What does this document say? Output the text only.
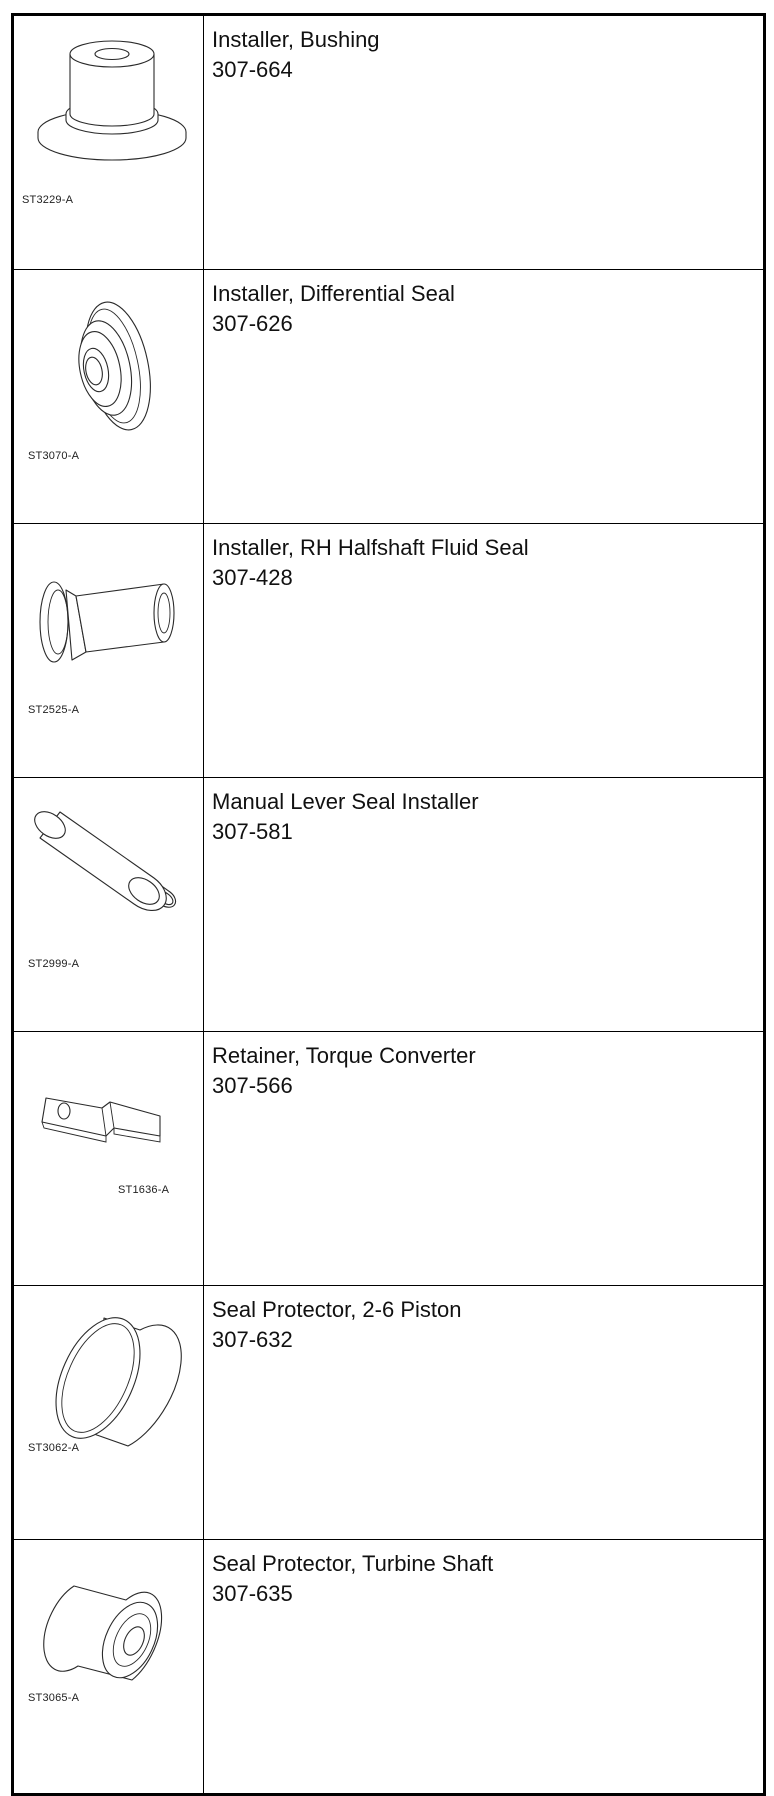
ST3229-A	Installer, Bushing
307-664

ST3070-A	Installer, Differential Seal
307-626

ST2525-A	Installer, RH Halfshaft Fluid Seal
307-428

ST2999-A	Manual Lever Seal Installer
307-581

ST1636-A	Retainer, Torque Converter
307-566

ST3062-A	Seal Protector, 2-6 Piston
307-632

ST3065-A	Seal Protector, Turbine Shaft
307-635
